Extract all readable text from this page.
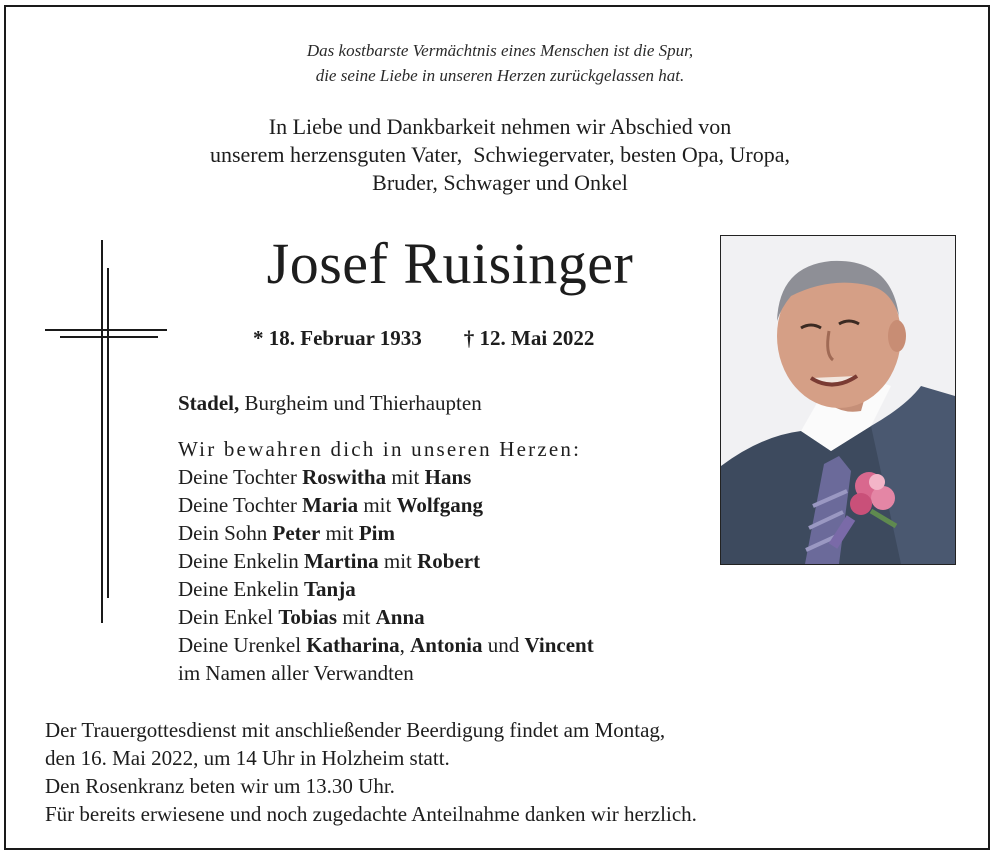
Das kostbarste Vermächtnis eines Menschen ist die Spur,
die seine Liebe in unseren Herzen zurückgelassen hat.
In Liebe und Dankbarkeit nehmen wir Abschied von
unserem herzensguten Vater,  Schwiegervater, besten Opa, Uropa,
Bruder, Schwager und Onkel
Josef Ruisinger
* 18. Februar 1933 † 12. Mai 2022
Stadel, Burgheim und Thierhaupten
Wir bewahren dich in unseren Herzen:
Deine Tochter Roswitha mit Hans
Deine Tochter Maria mit Wolfgang
Dein Sohn Peter mit Pim
Deine Enkelin Martina mit Robert
Deine Enkelin Tanja
Dein Enkel Tobias mit Anna
Deine Urenkel Katharina, Antonia und Vincent
im Namen aller Verwandten
Der Trauergottesdienst mit anschließender Beerdigung findet am Montag,
den 16. Mai 2022, um 14 Uhr in Holzheim statt.
Den Rosenkranz beten wir um 13.30 Uhr.
Für bereits erwiesene und noch zugedachte Anteilnahme danken wir herzlich.
